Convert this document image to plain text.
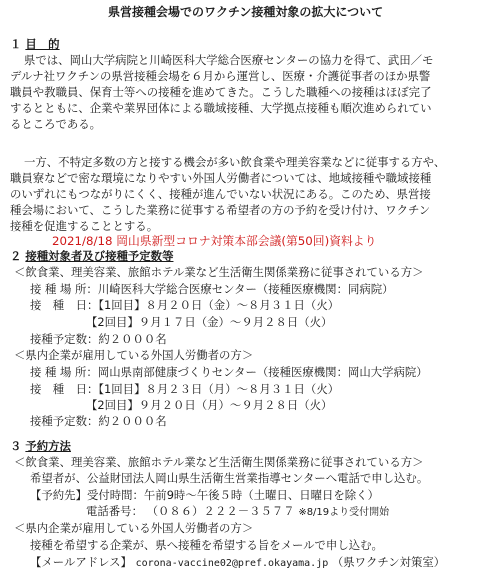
県営接種会場でのワクチン接種対象の拡大について
１ 目　的
県では、岡山大学病院と川崎医科大学総合医療センターの協力を得て、武田／モ
デルナ社ワクチンの県営接種会場を６月から運営し、医療・介護従事者のほか県警
職員や教職員、保育士等への接種を進めてきた。こうした職種への接種はほぼ完了
するとともに、企業や業界団体による職域接種、大学拠点接種も順次進められてい
るところである。
一方、不特定多数の方と接する機会が多い飲食業や理美容業などに従事する方や、
職員寮などで密な環境になりやすい外国人労働者については、地域接種や職域接種
のいずれにもつながりにくく、接種が進んでいない状況にある。このため、県営接
種会場において、こうした業務に従事する希望者の方の予約を受け付け、ワクチン
接種を促進することとする。
2021/8/18 岡山県新型コロナ対策本部会議(第50回)資料より
２ 接種対象者及び接種予定数等
＜飲食業、理美容業、旅館ホテル業など生活衛生関係業務に従事されている方＞
接 種 場 所：川崎医科大学総合医療センター（接種医療機関：同病院）
接　種　日：【1回目】８月２０日（金）～８月３１日（火）
【2回目】９月１７日（金）～９月２８日（火）
接種予定数：約２０００名
＜県内企業が雇用している外国人労働者の方＞
接 種 場 所：岡山県南部健康づくりセンター（接種医療機関：岡山大学病院）
接　種　日：【1回目】８月２３日（月）～８月３１日（火）
【2回目】９月２０日（月）～９月２８日（火）
接種予定数：約２０００名
３ 予約方法
＜飲食業、理美容業、旅館ホテル業など生活衛生関係業務に従事されている方＞
希望者が、公益財団法人岡山県生活衛生営業指導センターへ電話で申し込む。
【予約先】受付時間：午前9時～午後５時（土曜日、日曜日を除く）
電話番号： （０８６）２２２－３５７７ ※8/19より受付開始
＜県内企業が雇用している外国人労働者の方＞
接種を希望する企業が、県へ接種を希望する旨をメールで申し込む。
【メールアドレス】 corona-vaccine02@pref.okayama.jp （県ワクチン対策室）
